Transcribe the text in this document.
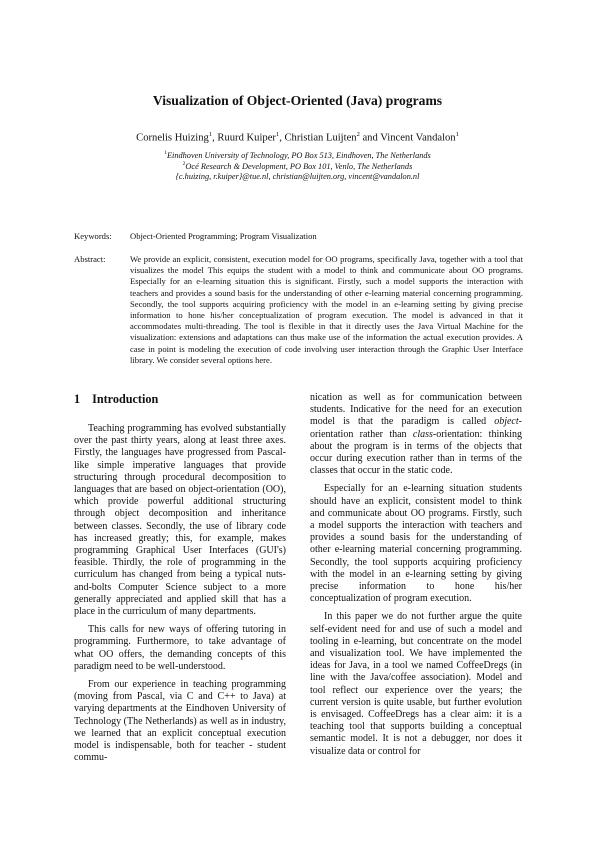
Visualization of Object-Oriented (Java) programs
Cornelis Huizing$^1$, Ruurd Kuiper$^1$, Christian Luijten$^2$ and Vincent Vandalon$^1$
$^1$Eindhoven University of Technology, PO Box 513, Eindhoven, The Netherlands
$^2$Océ Research & Development, PO Box 101, Venlo, The Netherlands
{c.huizing, r.kuiper}@tue.nl, christian@luijten.org, vincent@vandalon.nl
Keywords: Object-Oriented Programming; Program Visualization
Abstract:	We provide an explicit, consistent, execution model for OO programs, specifically Java, together with a tool that visualizes the model This equips the student with a model to think and communicate about OO programs. Especially for an e-learning situation this is significant. Firstly, such a model supports the interaction with teachers and provides a sound basis for the understanding of other e-learning material concerning programming. Secondly, the tool supports acquiring proficiency with the model in an e-learning setting by giving precise information to hone his/her conceptualization of program execution. The model is advanced in that it accommodates multi-threading. The tool is flexible in that it directly uses the Java Virtual Machine for the visualization: extensions and adaptations can thus make use of the information the actual execution provides. A case in point is modeling the execution of code involving user interaction through the Graphic User Interface library. We consider several options here.
1 Introduction

Teaching programming has evolved substantially over the past thirty years, along at least three axes. Firstly, the languages have progressed from Pascal-like simple imperative languages that provide structuring through procedural decomposition to languages that are based on object-orientation (OO), which provide powerful additional structuring through object decomposition and inheritance between classes. Secondly, the use of library code has increased greatly; this, for example, makes programming Graphical User Interfaces (GUI's) feasible. Thirdly, the role of programming in the curriculum has changed from being a typical nuts-and-bolts Computer Science subject to a more generally appreciated and applied skill that has a place in the curriculum of many departments.

This calls for new ways of offering tutoring in programming. Furthermore, to take advantage of what OO offers, the demanding concepts of this paradigm need to be well-understood.

From our experience in teaching programming (moving from Pascal, via C and C++ to Java) at varying departments at the Eindhoven University of Technology (The Netherlands) as well as in industry, we learned that an explicit conceptual execution model is indispensable, both for teacher - student commu-

nication as well as for communication between students. Indicative for the need for an execution model is that the paradigm is called object-orientation rather than class-orientation: thinking about the program is in terms of the objects that occur during execution rather than in terms of the classes that occur in the static code.

Especially for an e-learning situation students should have an explicit, consistent model to think and communicate about OO programs. Firstly, such a model supports the interaction with teachers and provides a sound basis for the understanding of other e-learning material concerning programming. Secondly, the tool supports acquiring proficiency with the model in an e-learning setting by giving precise information to hone his/her conceptualization of program execution.

In this paper we do not further argue the quite self-evident need for and use of such a model and tooling in e-learning, but concentrate on the model and visualization tool. We have implemented the ideas for Java, in a tool we named CoffeeDregs (in line with the Java/coffee association). Model and tool reflect our experience over the years; the current version is quite usable, but further evolution is envisaged. CoffeeDregs has a clear aim: it is a teaching tool that supports building a conceptual semantic model. It is not a debugger, nor does it visualize data or control for
